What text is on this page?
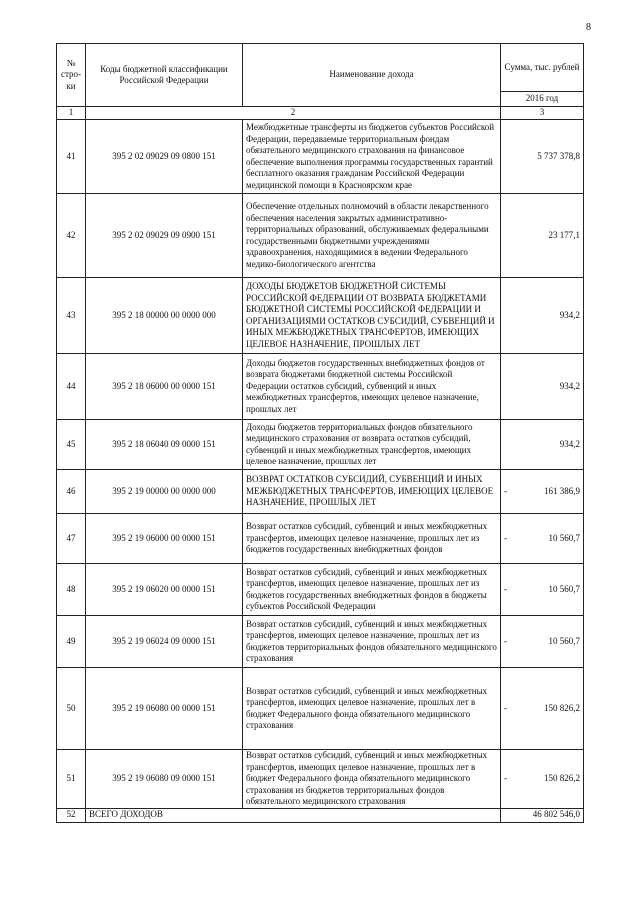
8
№ стро-ки	Коды бюджетной классификации Российской Федерации	Наименование дохода	Сумма, тыс. рублей
			2016 год
1	2		3
41	395 2 02 09029 09 0800 151	Межбюджетные трансферты из бюджетов субъектов Российской Федерации, передаваемые территориальным фондам обязательного медицинского страхования на финансовое обеспечение выполнения программы государственных гарантий бесплатного оказания гражданам Российской Федерации медицинской помощи в Красноярском крае	5 737 378,8

42	395 2 02 09029 09 0900 151	Обеспечение отдельных полномочий в области лекарственного обеспечения населения закрытых административно-территориальных образований, обслуживаемых федеральными государственными бюджетными учреждениями здравоохранения, находящимися в ведении Федерального медико-биологического агентства	23 177,1

43	395 2 18 00000 00 0000 000	ДОХОДЫ БЮДЖЕТОВ БЮДЖЕТНОЙ СИСТЕМЫ РОССИЙСКОЙ ФЕДЕРАЦИИ ОТ ВОЗВРАТА БЮДЖЕТАМИ БЮДЖЕТНОЙ СИСТЕМЫ РОССИЙСКОЙ ФЕДЕРАЦИИ И ОРГАНИЗАЦИЯМИ ОСТАТКОВ СУБСИДИЙ, СУБВЕНЦИЙ И ИНЫХ МЕЖБЮДЖЕТНЫХ ТРАНСФЕРТОВ, ИМЕЮЩИХ ЦЕЛЕВОЕ НАЗНАЧЕНИЕ, ПРОШЛЫХ ЛЕТ	934,2

44	395 2 18 06000 00 0000 151	Доходы бюджетов государственных внебюджетных фондов от возврата бюджетами бюджетной системы Российской Федерации остатков субсидий, субвенций и иных межбюджетных трансфертов, имеющих целевое назначение, прошлых лет	934,2

45	395 2 18 06040 09 0000 151	Доходы бюджетов территориальных фондов обязательного медицинского страхования от возврата остатков субсидий, субвенций и иных межбюджетных трансфертов, имеющих целевое назначение, прошлых лет	934,2

46	395 2 19 00000 00 0000 000	ВОЗВРАТ ОСТАТКОВ СУБСИДИЙ, СУБВЕНЦИЙ И ИНЫХ МЕЖБЮДЖЕТНЫХ ТРАНСФЕРТОВ, ИМЕЮЩИХ ЦЕЛЕВОЕ НАЗНАЧЕНИЕ, ПРОШЛЫХ ЛЕТ	- 161 386,9

47	395 2 19 06000 00 0000 151	Возврат остатков субсидий, субвенций и иных межбюджетных трансфертов, имеющих целевое назначение, прошлых лет из бюджетов государственных внебюджетных фондов	- 10 560,7

48	395 2 19 06020 00 0000 151	Возврат остатков субсидий, субвенций и иных межбюджетных трансфертов, имеющих целевое назначение, прошлых лет из бюджетов государственных внебюджетных фондов в бюджеты субъектов Российской Федерации	- 10 560,7

49	395 2 19 06024 09 0000 151	Возврат остатков субсидий, субвенций и иных межбюджетных трансфертов, имеющих целевое назначение, прошлых лет из бюджетов территориальных фондов обязательного медицинского страхования	- 10 560,7

50	395 2 19 06080 00 0000 151	Возврат остатков субсидий, субвенций и иных межбюджетных трансфертов, имеющих целевое назначение, прошлых лет в бюджет Федерального фонда обязательного медицинского страхования	- 150 826,2

51	395 2 19 06080 09 0000 151	Возврат остатков субсидий, субвенций и иных межбюджетных трансфертов, имеющих целевое назначение, прошлых лет в бюджет Федерального фонда обязательного медицинского страхования из бюджетов территориальных фондов обязательного медицинского страхования	- 150 826,2

52	ВСЕГО ДОХОДОВ		46 802 546,0
